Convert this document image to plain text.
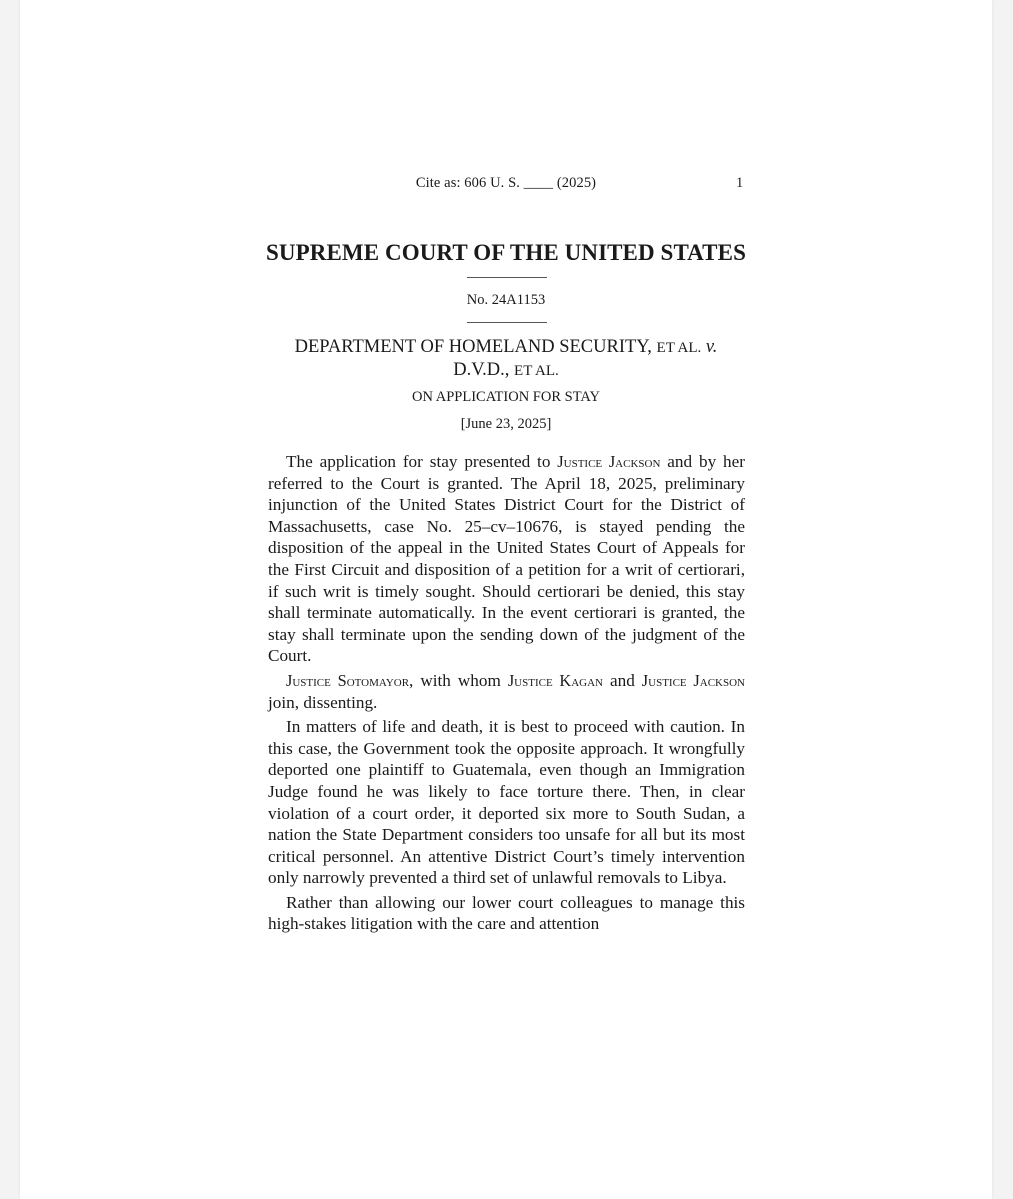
Cite as: 606 U. S. ____ (2025)	1
SUPREME COURT OF THE UNITED STATES
No. 24A1153
DEPARTMENT OF HOMELAND SECURITY, ET AL. v.
D.V.D., ET AL.
ON APPLICATION FOR STAY
[June 23, 2025]

The application for stay presented to Justice Jackson and by her referred to the Court is granted. The April 18, 2025, preliminary injunction of the United States District Court for the District of Massachusetts, case No. 25–cv–10676, is stayed pending the disposition of the appeal in the United States Court of Appeals for the First Circuit and disposition of a petition for a writ of certiorari, if such writ is timely sought. Should certiorari be denied, this stay shall terminate automatically. In the event certiorari is granted, the stay shall terminate upon the sending down of the judgment of the Court.

Justice Sotomayor, with whom Justice Kagan and Justice Jackson join, dissenting.

In matters of life and death, it is best to proceed with caution. In this case, the Government took the opposite approach. It wrongfully deported one plaintiff to Guatemala, even though an Immigration Judge found he was likely to face torture there. Then, in clear violation of a court order, it deported six more to South Sudan, a nation the State Department considers too unsafe for all but its most critical personnel. An attentive District Court’s timely intervention only narrowly prevented a third set of unlawful removals to Libya.

Rather than allowing our lower court colleagues to manage this high-stakes litigation with the care and attention
